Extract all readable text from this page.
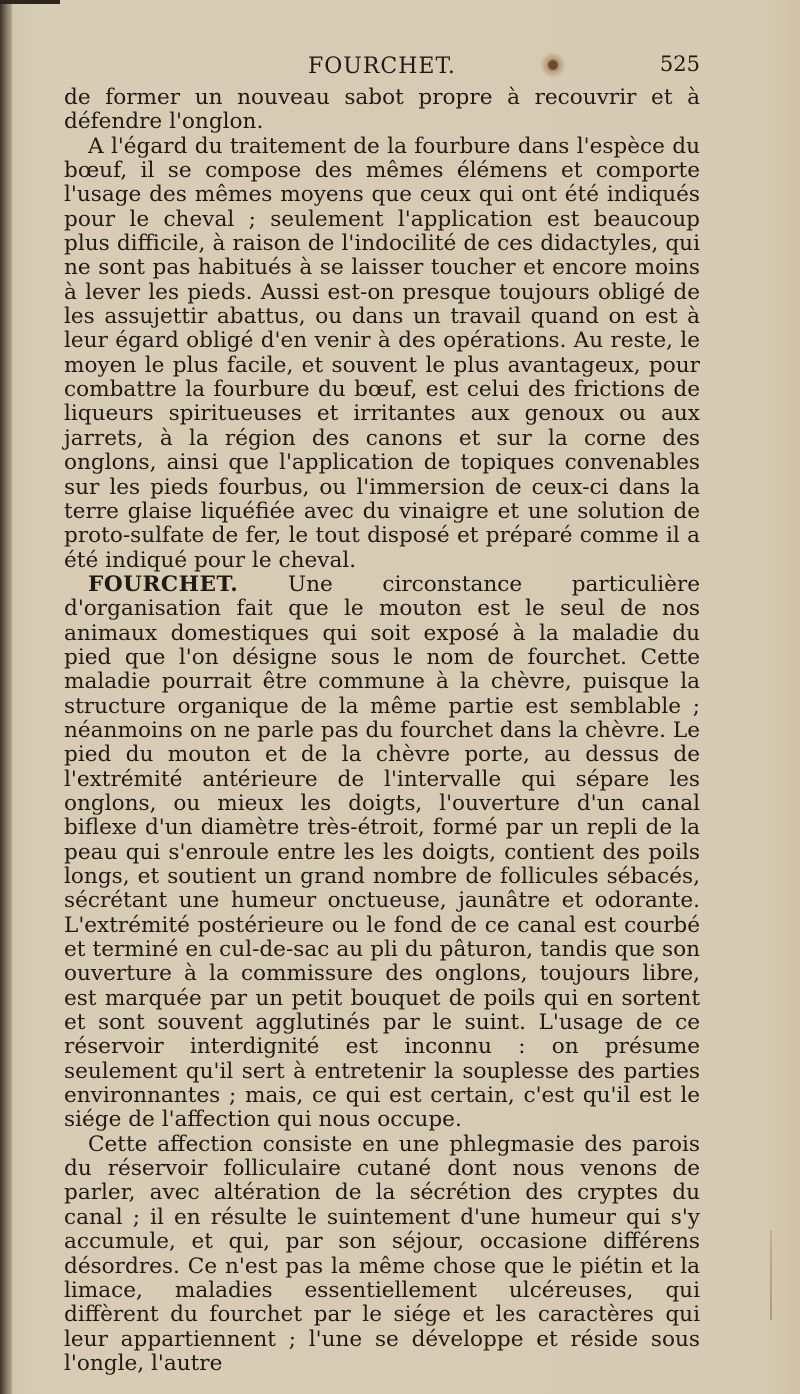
FOURCHET.	525

de former un nouveau sabot propre à recouvrir et à défendre l'onglon.

A l'égard du traitement de la fourbure dans l'espèce du bœuf, il se compose des mêmes élémens et comporte l'usage des mêmes moyens que ceux qui ont été indiqués pour le cheval ; seulement l'application est beaucoup plus difficile, à raison de l'indocilité de ces didactyles, qui ne sont pas habitués à se laisser toucher et encore moins à lever les pieds. Aussi est-on presque toujours obligé de les assujettir abattus, ou dans un travail quand on est à leur égard obligé d'en venir à des opérations. Au reste, le moyen le plus facile, et souvent le plus avantageux, pour combattre la fourbure du bœuf, est celui des frictions de liqueurs spiritueuses et irritantes aux genoux ou aux jarrets, à la région des canons et sur la corne des onglons, ainsi que l'application de topiques convenables sur les pieds fourbus, ou l'immersion de ceux-ci dans la terre glaise liquéfiée avec du vinaigre et une solution de proto-sulfate de fer, le tout disposé et préparé comme il a été indiqué pour le cheval.

FOURCHET. Une circonstance particulière d'organisation fait que le mouton est le seul de nos animaux domestiques qui soit exposé à la maladie du pied que l'on désigne sous le nom de fourchet. Cette maladie pourrait être commune à la chèvre, puisque la structure organique de la même partie est semblable ; néanmoins on ne parle pas du fourchet dans la chèvre. Le pied du mouton et de la chèvre porte, au dessus de l'extrémité antérieure de l'intervalle qui sépare les onglons, ou mieux les doigts, l'ouverture d'un canal biflexe d'un diamètre très-étroit, formé par un repli de la peau qui s'enroule entre les les doigts, contient des poils longs, et soutient un grand nombre de follicules sébacés, sécrétant une humeur onctueuse, jaunâtre et odorante. L'extrémité postérieure ou le fond de ce canal est courbé et terminé en cul-de-sac au pli du pâturon, tandis que son ouverture à la commissure des onglons, toujours libre, est marquée par un petit bouquet de poils qui en sortent et sont souvent agglutinés par le suint. L'usage de ce réservoir interdignité est inconnu : on présume seulement qu'il sert à entretenir la souplesse des parties environnantes ; mais, ce qui est certain, c'est qu'il est le siége de l'affection qui nous occupe.

Cette affection consiste en une phlegmasie des parois du réservoir folliculaire cutané dont nous venons de parler, avec altération de la sécrétion des cryptes du canal ; il en résulte le suintement d'une humeur qui s'y accumule, et qui, par son séjour, occasione différens désordres. Ce n'est pas la même chose que le piétin et la limace, maladies essentiellement ulcéreuses, qui diffèrent du fourchet par le siége et les caractères qui leur appartiennent ; l'une se développe et réside sous l'ongle, l'autre
